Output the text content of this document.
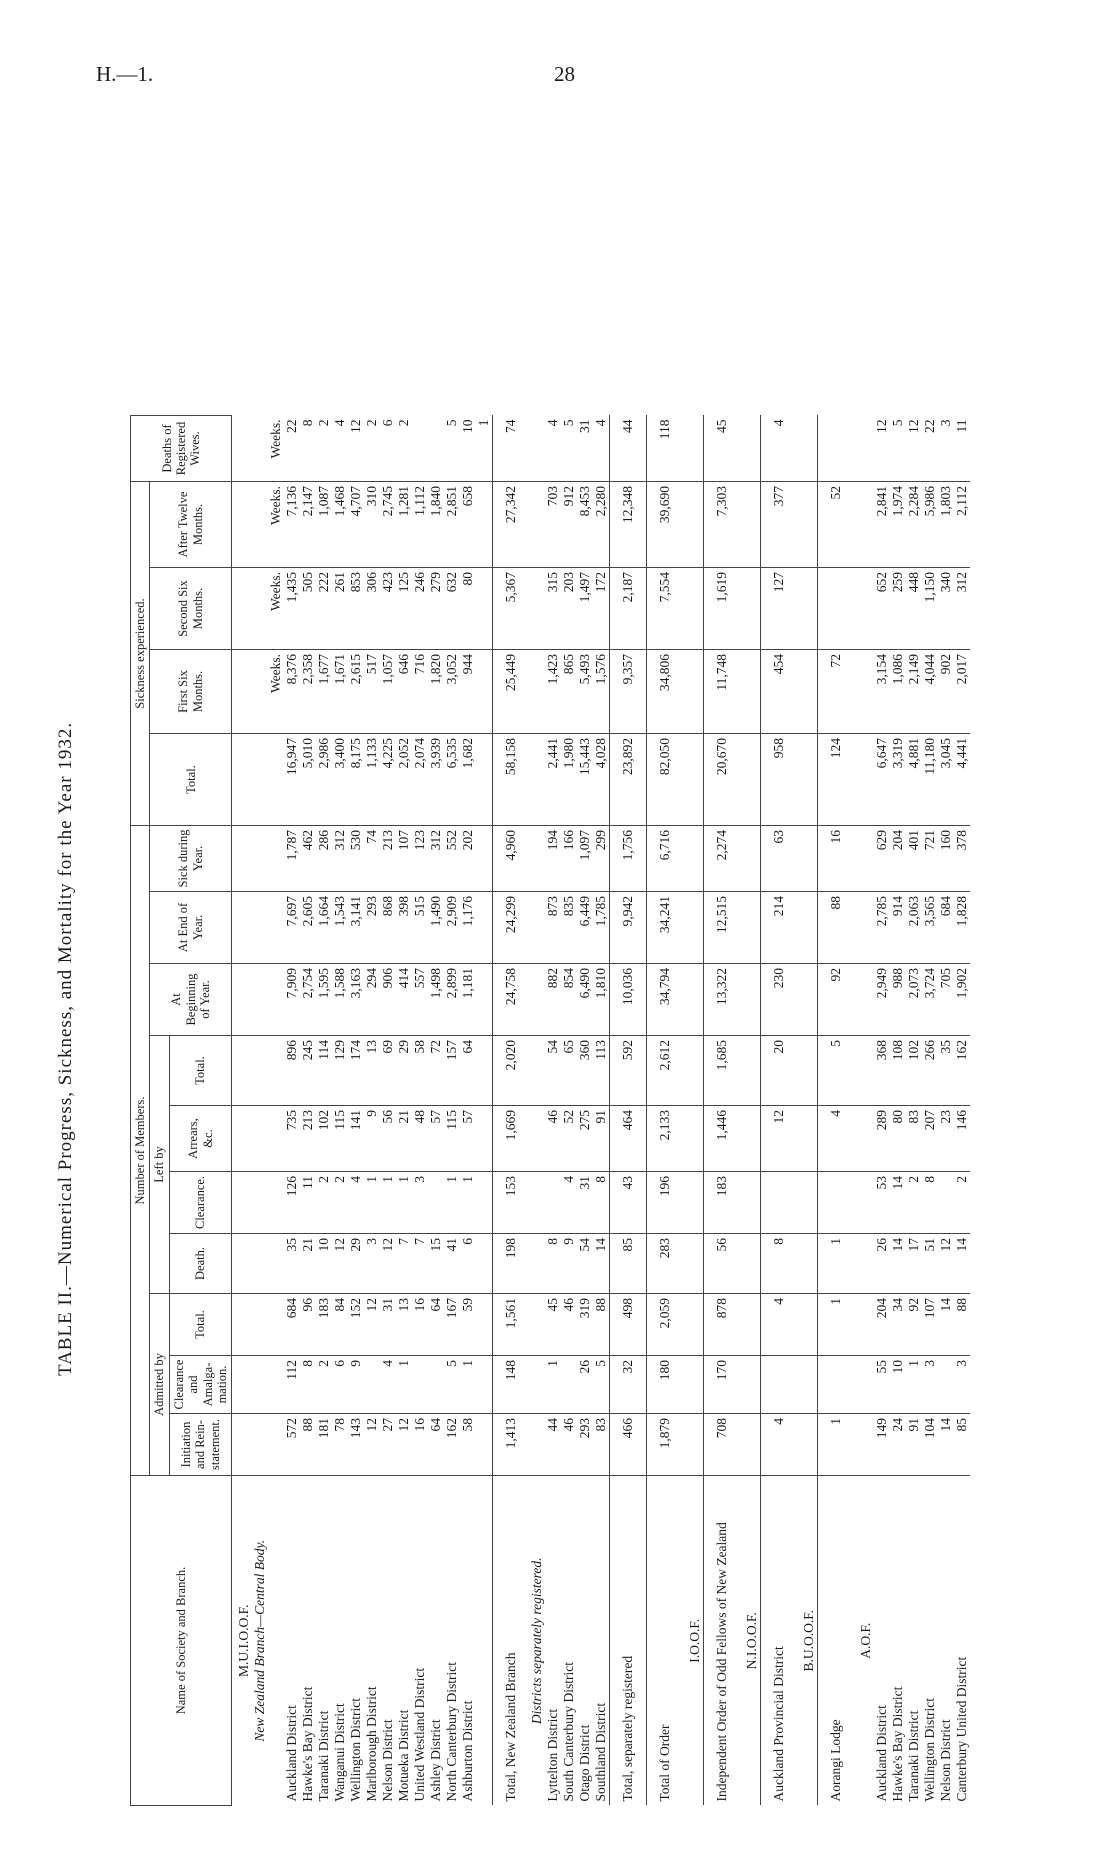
H.—1.	28
TABLE II.—Numerical Progress, Sickness, and Mortality for the Year 1932.
Name of Society and Branch.	Number of Members.										Sickness experienced.				Deaths of Registered Wives.
	Admitted by			Left by				At Beginning of Year.	At End of Year.	Sick during Year.	Total.	First Six Months.	Second Six Months.	After Twelve Months.	
	Initiation and Rein-statement.	Clearance and Amalga-mation.	Total.	Death.	Clearance.	Arrears, &c.	Total.								
M.U.I.O.O.F.															
New Zealand Branch—Central Body.															
												Weeks.	Weeks.	Weeks.	Weeks.
Auckland District	572	112	684	35	126	735	896	7,909	7,697	1,787	16,947	8,376	1,435	7,136	22
Hawke's Bay District	88	8	96	21	11	213	245	2,754	2,605	462	5,010	2,358	505	2,147	8
Taranaki District	181	2	183	10	2	102	114	1,595	1,664	286	2,986	1,677	222	1,087	2
Wanganui District	78	6	84	12	2	115	129	1,588	1,543	312	3,400	1,671	261	1,468	4
Wellington District	143	9	152	29	4	141	174	3,163	3,141	530	8,175	2,615	853	4,707	12
Marlborough District	12		12	3	1	9	13	294	293	74	1,133	517	306	310	2
Nelson District	27	4	31	12	1	56	69	906	868	213	4,225	1,057	423	2,745	6
Motueka District	12	1	13	7	1	21	29	414	398	107	2,052	646	125	1,281	2
United Westland District	16		16	7	3	48	58	557	515	123	2,074	716	246	1,112	
Ashley District	64		64	15		57	72	1,498	1,490	312	3,939	1,820	279	1,840	
North Canterbury District	162	5	167	41	1	115	157	2,899	2,909	552	6,535	3,052	632	2,851	5
Ashburton District	58	1	59	6	1	57	64	1,181	1,176	202	1,682	944	80	658	10
															1
Total, New Zealand Branch	1,413	148	1,561	198	153	1,669	2,020	24,758	24,299	4,960	58,158	25,449	5,367	27,342	74
Districts separately registered.															
Lyttelton District	44	1	45	8		46	54	882	873	194	2,441	1,423	315	703	4
South Canterbury District	46		46	9	4	52	65	854	835	166	1,980	865	203	912	5
Otago District	293	26	319	54	31	275	360	6,490	6,449	1,097	15,443	5,493	1,497	8,453	31
Southland District	83	5	88	14	8	91	113	1,810	1,785	299	4,028	1,576	172	2,280	4
Total, separately registered	466	32	498	85	43	464	592	10,036	9,942	1,756	23,892	9,357	2,187	12,348	44
Total of Order	1,879	180	2,059	283	196	2,133	2,612	34,794	34,241	6,716	82,050	34,806	7,554	39,690	118
I.O.O.F.															
Independent Order of Odd Fellows of New Zealand	708	170	878	56	183	1,446	1,685	13,322	12,515	2,274	20,670	11,748	1,619	7,303	45
N.I.O.O.F.															
Auckland Provincial District	4		4	8		12	20	230	214	63	958	454	127	377	4
B.U.O.O.F.															
Aorangi Lodge	1		1	1		4	5	92	88	16	124	72		52	
A.O.F.															
Auckland District	149	55	204	26	53	289	368	2,949	2,785	629	6,647	3,154	652	2,841	12
Hawke's Bay District	24	10	34	14	14	80	108	988	914	204	3,319	1,086	259	1,974	5
Taranaki District	91	1	92	17	2	83	102	2,073	2,063	401	4,881	2,149	448	2,284	12
Wellington District	104	3	107	51	8	207	266	3,724	3,565	721	11,180	4,044	1,150	5,986	22
Nelson District	14		14	12		23	35	705	684	160	3,045	902	340	1,803	3
Canterbury United District	85	3	88	14	2	146	162	1,902	1,828	378	4,441	2,017	312	2,112	11
